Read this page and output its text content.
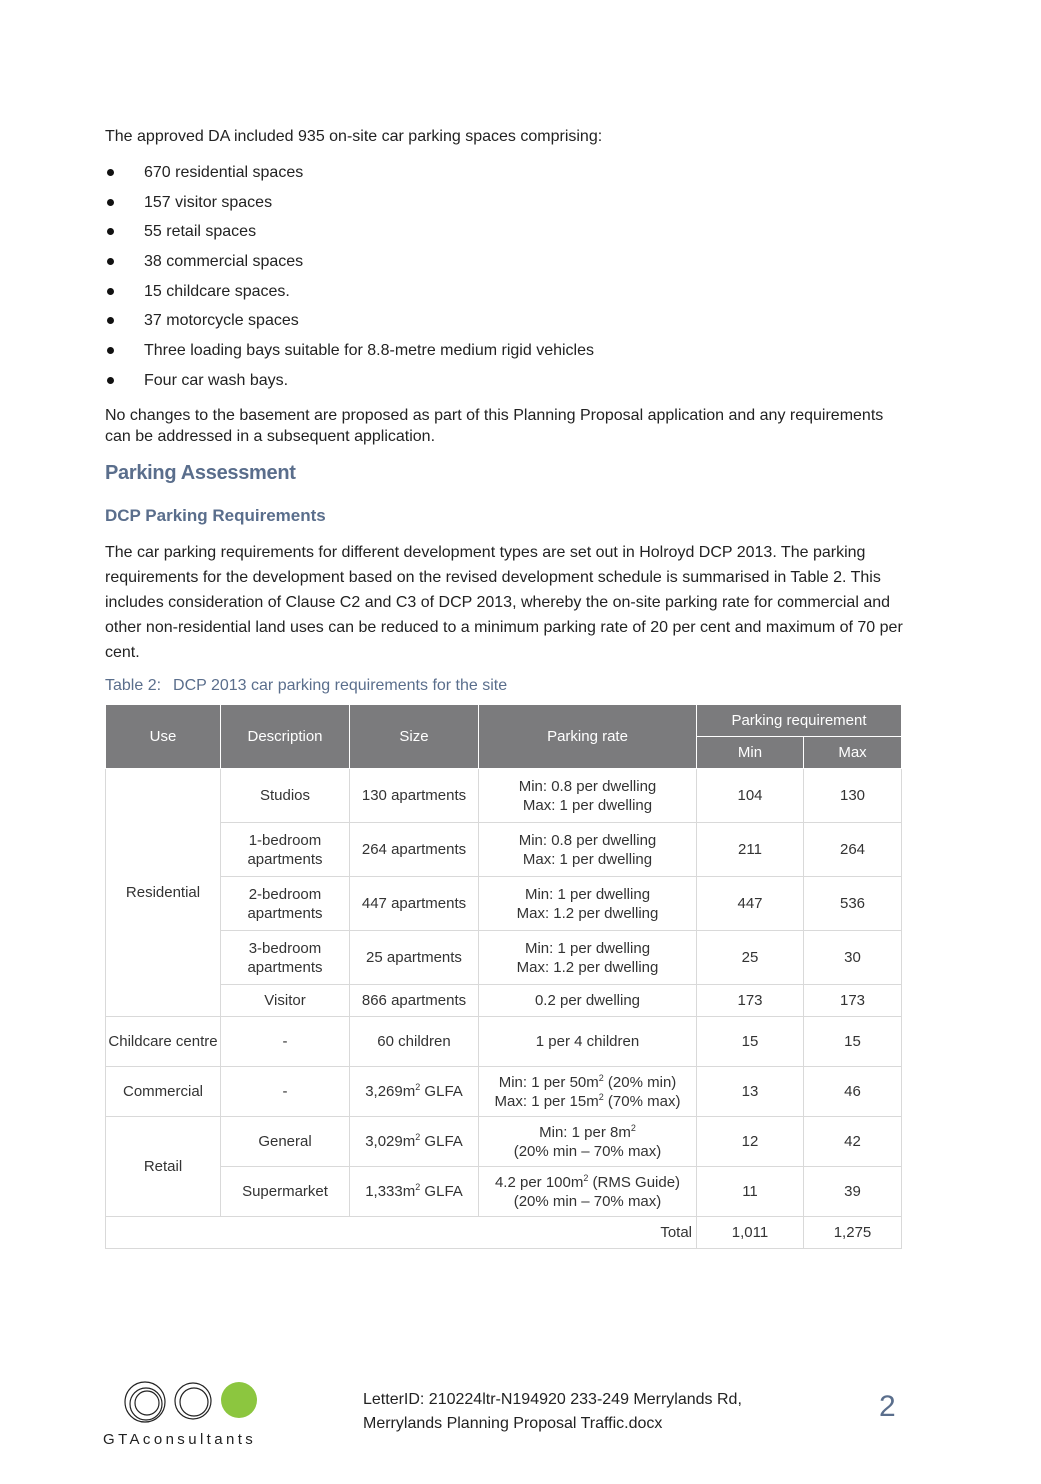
The approved DA included 935 on-site car parking spaces comprising:

670 residential spaces
157 visitor spaces
55 retail spaces
38 commercial spaces
15 childcare spaces.
37 motorcycle spaces
Three loading bays suitable for 8.8-metre medium rigid vehicles
Four car wash bays.

No changes to the basement are proposed as part of this Planning Proposal application and any requirements can be addressed in a subsequent application.

Parking Assessment
DCP Parking Requirements

The car parking requirements for different development types are set out in Holroyd DCP 2013. The parking requirements for the development based on the revised development schedule is summarised in Table 2. This includes consideration of Clause C2 and C3 of DCP 2013, whereby the on-site parking rate for commercial and other non-residential land uses can be reduced to a minimum parking rate of 20 per cent and maximum of 70 per cent.

Table 2: DCP 2013 car parking requirements for the site

Use	Description	Size	Parking rate	Parking requirement	
				Min	Max
Residential	Studios	130 apartments	Min: 0.8 per dwelling
Max: 1 per dwelling	104	130
	1-bedroom apartments	264 apartments	Min: 0.8 per dwelling
Max: 1 per dwelling	211	264
	2-bedroom apartments	447 apartments	Min: 1 per dwelling
Max: 1.2 per dwelling	447	536
	3-bedroom apartments	25 apartments	Min: 1 per dwelling
Max: 1.2 per dwelling	25	30
	Visitor	866 apartments	0.2 per dwelling	173	173
Childcare centre	-	60 children	1 per 4 children	15	15
Commercial	-	$3,269m^2$ GLFA	Min: 1 per $50m^2$ (20% min)
Max: 1 per $15m^2$ (70% max)	13	46
Retail	General	$3,029m^2$ GLFA	Min: 1 per $8m^2$
(20% min – 70% max)	12	42
	Supermarket	$1,333m^2$ GLFA	4.2 per $100m^2$ (RMS Guide)
(20% min – 70% max)	11	39
Total				1,011	1,275
GTAconsultants
LetterID: 210224ltr-N194920 233-249 Merrylands Rd,
Merrylands Planning Proposal Traffic.docx
2
